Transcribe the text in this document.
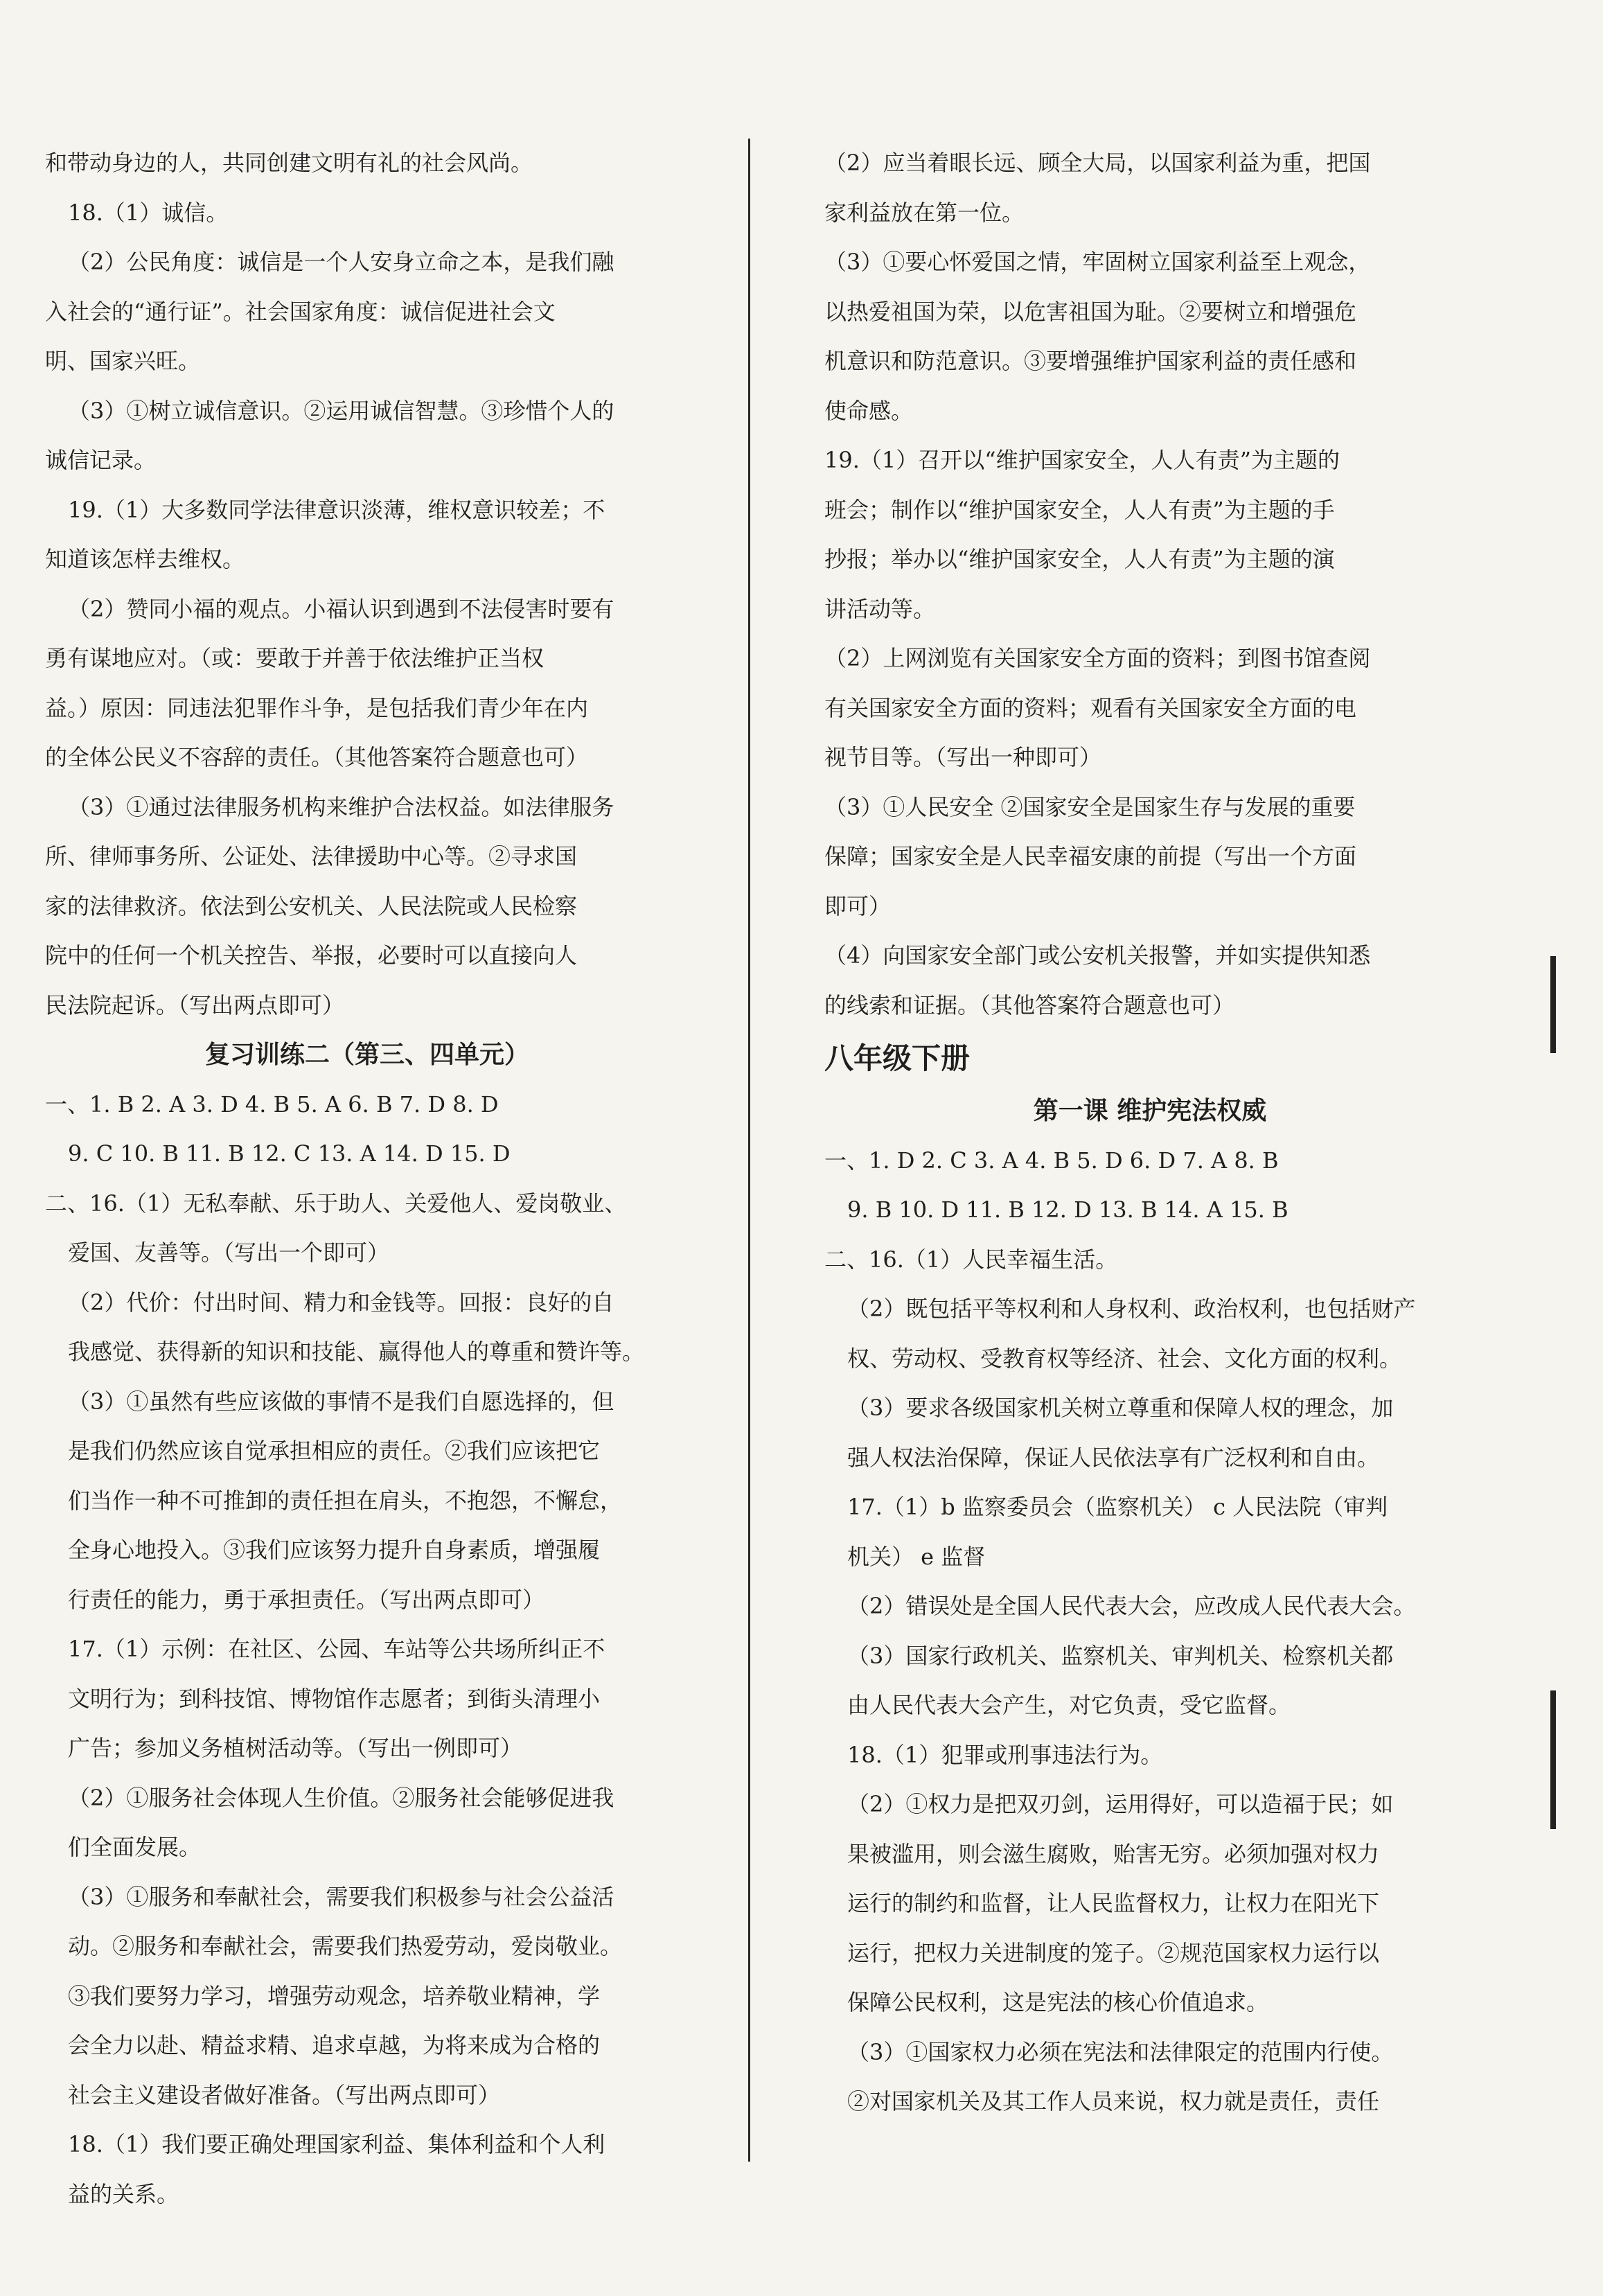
和带动身边的人，共同创建文明有礼的社会风尚。
18.（1）诚信。
（2）公民角度：诚信是一个人安身立命之本，是我们融
入社会的“通行证”。社会国家角度：诚信促进社会文
明、国家兴旺。
（3）①树立诚信意识。②运用诚信智慧。③珍惜个人的
诚信记录。
19.（1）大多数同学法律意识淡薄，维权意识较差；不
知道该怎样去维权。
（2）赞同小福的观点。小福认识到遇到不法侵害时要有
勇有谋地应对。（或：要敢于并善于依法维护正当权
益。）原因：同违法犯罪作斗争，是包括我们青少年在内
的全体公民义不容辞的责任。（其他答案符合题意也可）
（3）①通过法律服务机构来维护合法权益。如法律服务
所、律师事务所、公证处、法律援助中心等。②寻求国
家的法律救济。依法到公安机关、人民法院或人民检察
院中的任何一个机关控告、举报，必要时可以直接向人
民法院起诉。（写出两点即可）
复习训练二（第三、四单元）
一、1. B 2. A 3. D 4. B 5. A 6. B 7. D 8. D
9. C 10. B 11. B 12. C 13. A 14. D 15. D
二、16.（1）无私奉献、乐于助人、关爱他人、爱岗敬业、
爱国、友善等。（写出一个即可）
（2）代价：付出时间、精力和金钱等。回报：良好的自
我感觉、获得新的知识和技能、赢得他人的尊重和赞许等。
（3）①虽然有些应该做的事情不是我们自愿选择的，但
是我们仍然应该自觉承担相应的责任。②我们应该把它
们当作一种不可推卸的责任担在肩头，不抱怨，不懈怠，
全身心地投入。③我们应该努力提升自身素质，增强履
行责任的能力，勇于承担责任。（写出两点即可）
17.（1）示例：在社区、公园、车站等公共场所纠正不
文明行为；到科技馆、博物馆作志愿者；到街头清理小
广告；参加义务植树活动等。（写出一例即可）
（2）①服务社会体现人生价值。②服务社会能够促进我
们全面发展。
（3）①服务和奉献社会，需要我们积极参与社会公益活
动。②服务和奉献社会，需要我们热爱劳动，爱岗敬业。
③我们要努力学习，增强劳动观念，培养敬业精神，学
会全力以赴、精益求精、追求卓越，为将来成为合格的
社会主义建设者做好准备。（写出两点即可）
18.（1）我们要正确处理国家利益、集体利益和个人利
益的关系。
（2）应当着眼长远、顾全大局，以国家利益为重，把国
家利益放在第一位。
（3）①要心怀爱国之情，牢固树立国家利益至上观念，
以热爱祖国为荣，以危害祖国为耻。②要树立和增强危
机意识和防范意识。③要增强维护国家利益的责任感和
使命感。
19.（1）召开以“维护国家安全，人人有责”为主题的
班会；制作以“维护国家安全，人人有责”为主题的手
抄报；举办以“维护国家安全，人人有责”为主题的演
讲活动等。
（2）上网浏览有关国家安全方面的资料；到图书馆查阅
有关国家安全方面的资料；观看有关国家安全方面的电
视节目等。（写出一种即可）
（3）①人民安全 ②国家安全是国家生存与发展的重要
保障；国家安全是人民幸福安康的前提（写出一个方面
即可）
（4）向国家安全部门或公安机关报警，并如实提供知悉
的线索和证据。（其他答案符合题意也可）
八年级下册
第一课 维护宪法权威
一、1. D 2. C 3. A 4. B 5. D 6. D 7. A 8. B
9. B 10. D 11. B 12. D 13. B 14. A 15. B
二、16.（1）人民幸福生活。
（2）既包括平等权利和人身权利、政治权利，也包括财产
权、劳动权、受教育权等经济、社会、文化方面的权利。
（3）要求各级国家机关树立尊重和保障人权的理念，加
强人权法治保障，保证人民依法享有广泛权利和自由。
17.（1）b 监察委员会（监察机关） c 人民法院（审判
机关） e 监督
（2）错误处是全国人民代表大会，应改成人民代表大会。
（3）国家行政机关、监察机关、审判机关、检察机关都
由人民代表大会产生，对它负责，受它监督。
18.（1）犯罪或刑事违法行为。
（2）①权力是把双刃剑，运用得好，可以造福于民；如
果被滥用，则会滋生腐败，贻害无穷。必须加强对权力
运行的制约和监督，让人民监督权力，让权力在阳光下
运行，把权力关进制度的笼子。②规范国家权力运行以
保障公民权利，这是宪法的核心价值追求。
（3）①国家权力必须在宪法和法律限定的范围内行使。
②对国家机关及其工作人员来说，权力就是责任，责任
